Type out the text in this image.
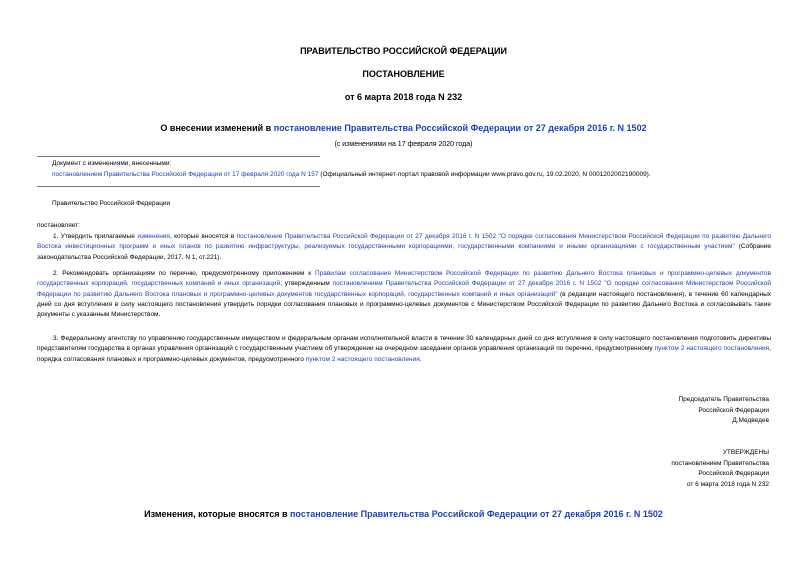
ПРАВИТЕЛЬСТВО РОССИЙСКОЙ ФЕДЕРАЦИИ
ПОСТАНОВЛЕНИЕ
от 6 марта 2018 года N 232
О внесении изменений в постановление Правительства Российской Федерации от 27 декабря 2016 г. N 1502
(с изменениями на 17 февраля 2020 года)
Документ с изменениями, внесенными:
постановлением Правительства Российской Федерации от 17 февраля 2020 года N 157 (Официальный интернет-портал правовой информации www.pravo.gov.ru, 19.02.2020, N 0001202002190009).
Правительство Российской Федерации
постановляет:
1. Утвердить прилагаемые изменения, которые вносятся в постановление Правительства Российской Федерации от 27 декабря 2016 г. N 1502 "О порядке согласования Министерством Российской Федерации по развитию Дальнего Востока инвестиционных программ и иных планов по развитию инфраструктуры, реализуемых государственными корпорациями, государственными компаниями и иными организациями с государственным участием" (Собрание законодательства Российской Федерации, 2017, N 1, ст.221).
2. Рекомендовать организациям по перечню, предусмотренному приложением к Правилам согласования Министерством Российской Федерации по развитию Дальнего Востока плановых и программно-целевых документов государственных корпораций, государственных компаний и иных организаций, утвержденным постановлением Правительства Российской Федерации от 27 декабря 2016 г. N 1502 "О порядке согласования Министерством Российской Федерации по развитию Дальнего Востока плановых и программно-целевых документов государственных корпораций, государственных компаний и иных организаций" (в редакции настоящего постановления), в течение 60 календарных дней со дня вступления в силу настоящего постановления утвердить порядки согласования плановых и программно-целевых документов с Министерством Российской Федерации по развитию Дальнего Востока и согласовывать такие документы с указанным Министерством.
3. Федеральному агентству по управлению государственным имуществом и федеральным органам исполнительной власти в течение 30 календарных дней со дня вступления в силу настоящего постановления подготовить директивы представителям государства в органах управления организаций с государственным участием об утверждении на очередном заседании органов управления организаций по перечню, предусмотренному пунктом 2 настоящего постановления, порядка согласования плановых и программно-целевых документов, предусмотренного пунктом 2 настоящего постановления.
Председатель Правительства
Российской Федерации
Д.Медведев
УТВЕРЖДЕНЫ
постановлением Правительства
Российской Федерации
от 6 марта 2018 года N 232
Изменения, которые вносятся в постановление Правительства Российской Федерации от 27 декабря 2016 г. N 1502
